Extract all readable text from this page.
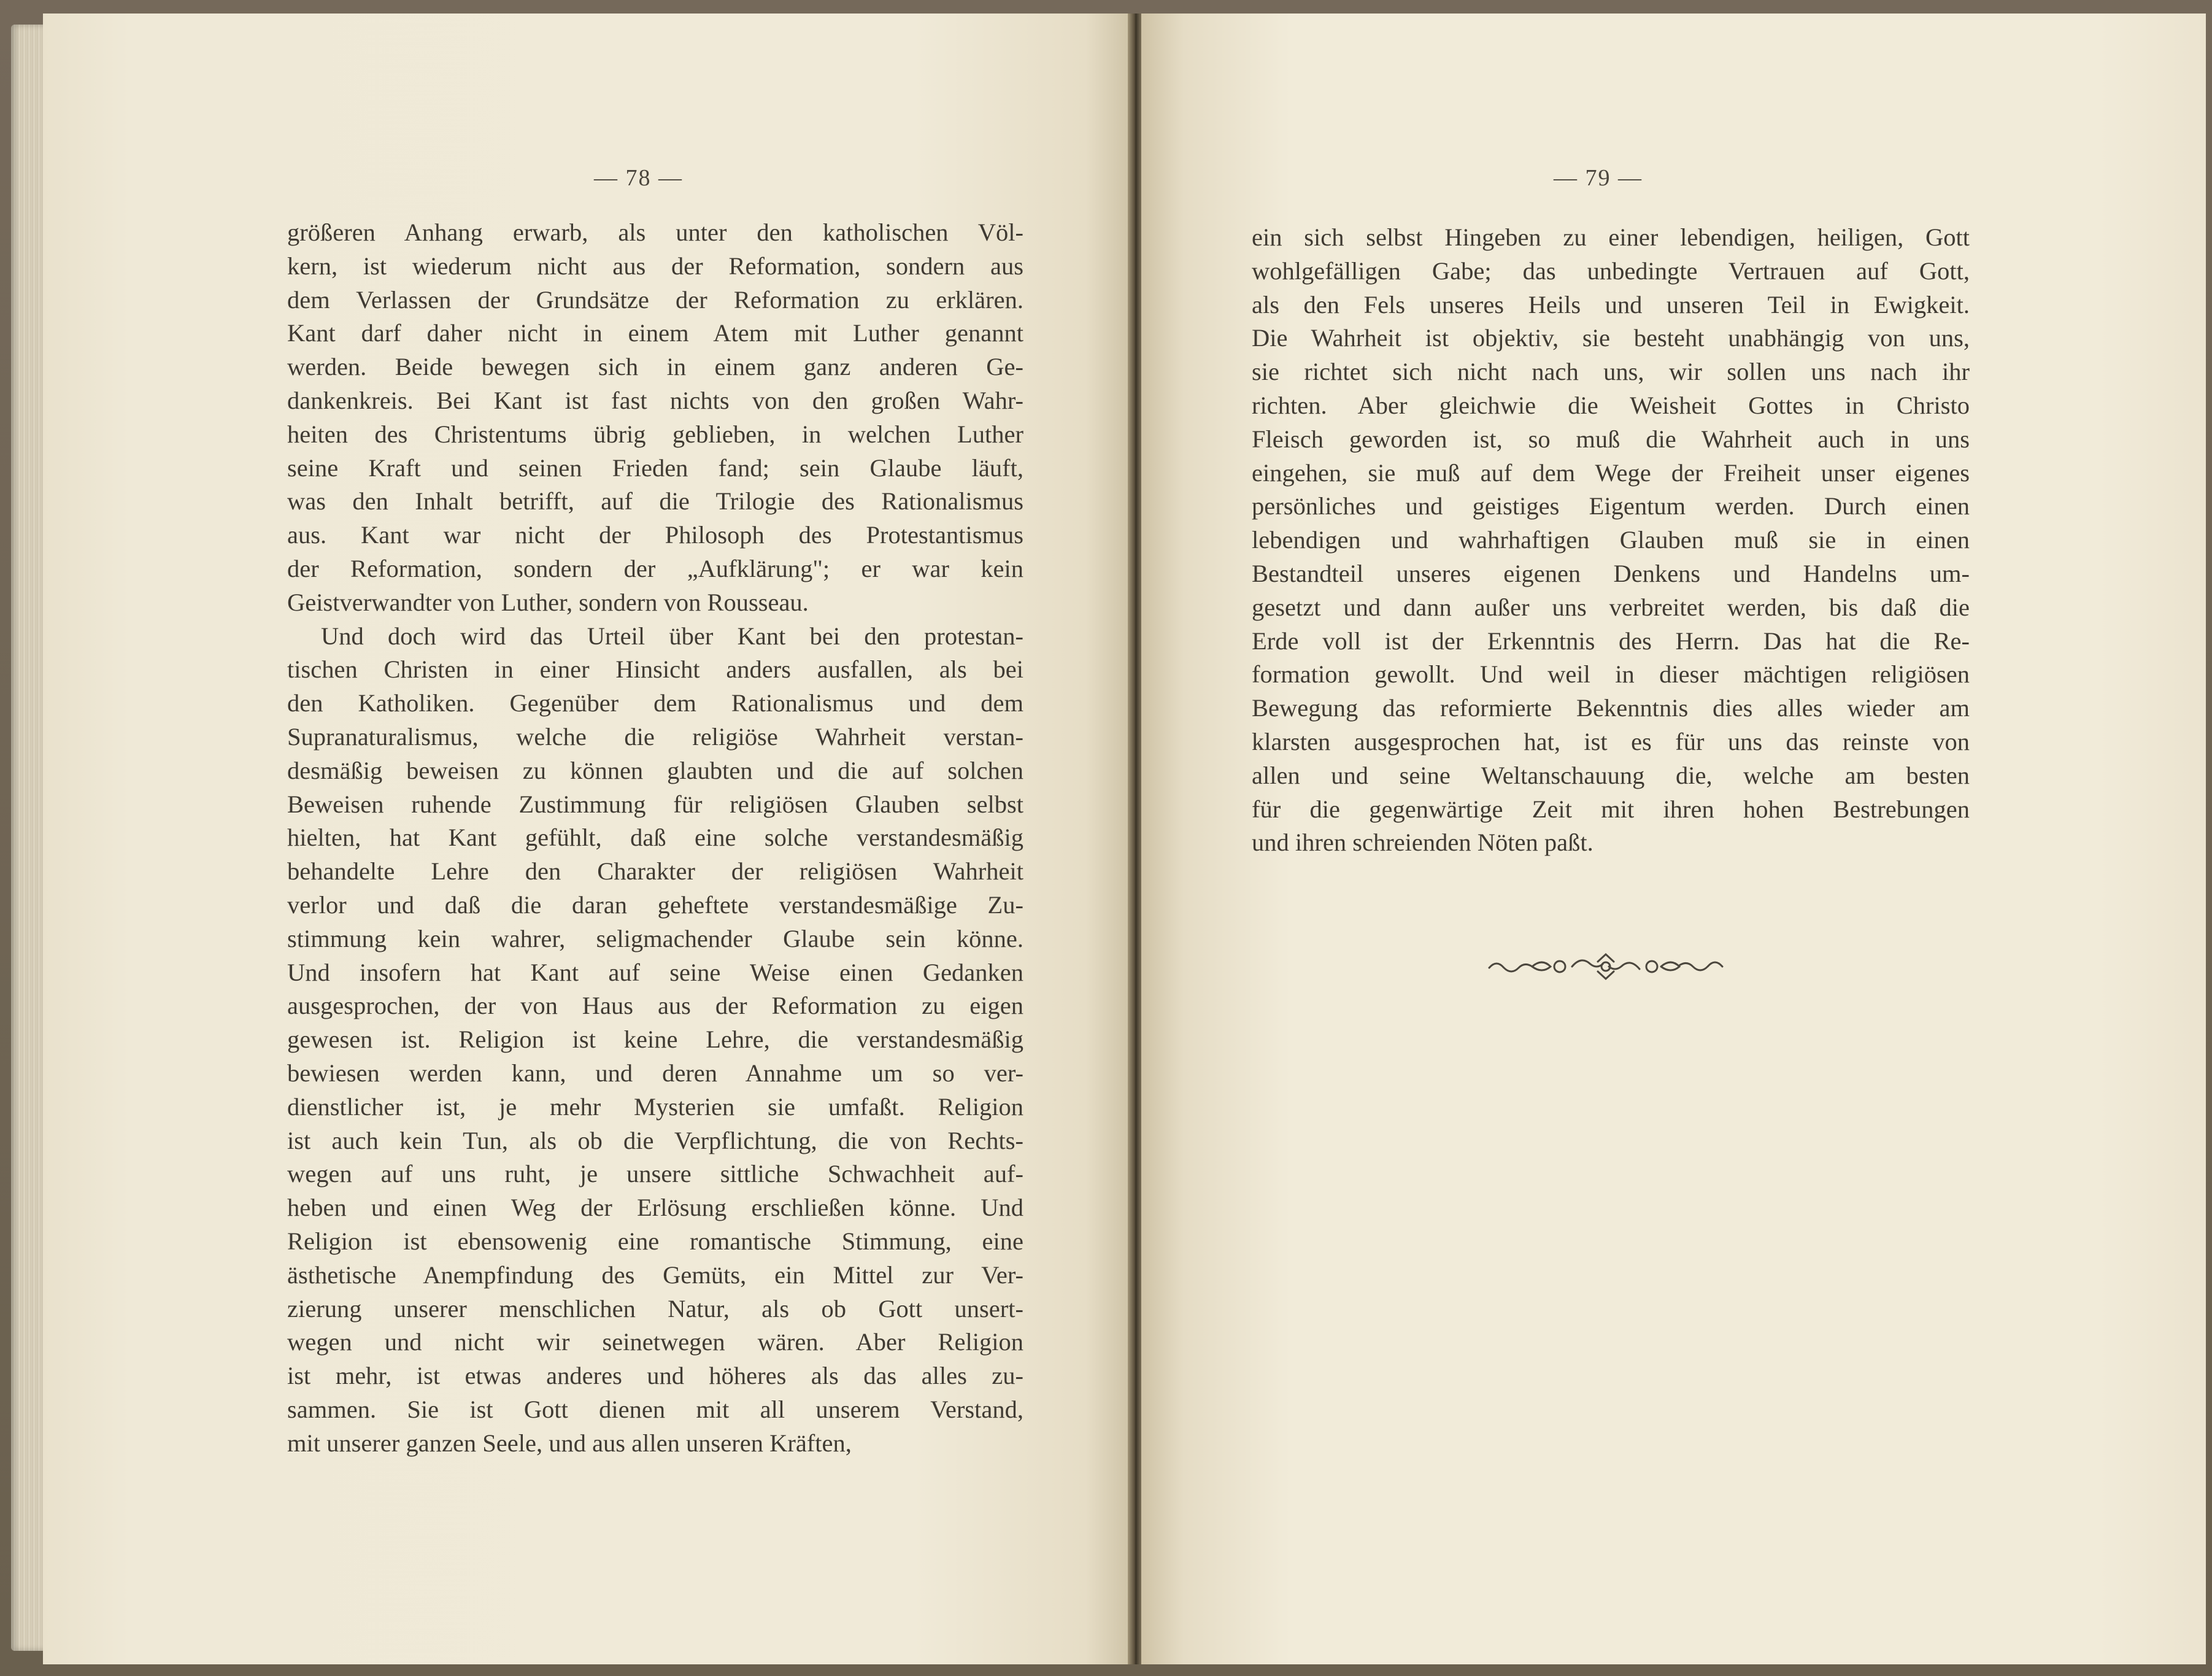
— 78 —	— 79 —
größeren Anhang erwarb, als unter den katholischen Völ-
kern, ist wiederum nicht aus der Reformation, sondern aus
dem Verlassen der Grundsätze der Reformation zu erklären.
Kant darf daher nicht in einem Atem mit Luther genannt
werden. Beide bewegen sich in einem ganz anderen Ge-
dankenkreis. Bei Kant ist fast nichts von den großen Wahr-
heiten des Christentums übrig geblieben, in welchen Luther
seine Kraft und seinen Frieden fand; sein Glaube läuft,
was den Inhalt betrifft, auf die Trilogie des Rationalismus
aus. Kant war nicht der Philosoph des Protestantismus
der Reformation, sondern der „Aufklärung"; er war kein
Geistverwandter von Luther, sondern von Rousseau.
Und doch wird das Urteil über Kant bei den protestan-
tischen Christen in einer Hinsicht anders ausfallen, als bei
den Katholiken. Gegenüber dem Rationalismus und dem
Supranaturalismus, welche die religiöse Wahrheit verstan-
desmäßig beweisen zu können glaubten und die auf solchen
Beweisen ruhende Zustimmung für religiösen Glauben selbst
hielten, hat Kant gefühlt, daß eine solche verstandesmäßig
behandelte Lehre den Charakter der religiösen Wahrheit
verlor und daß die daran geheftete verstandesmäßige Zu-
stimmung kein wahrer, seligmachender Glaube sein könne.
Und insofern hat Kant auf seine Weise einen Gedanken
ausgesprochen, der von Haus aus der Reformation zu eigen
gewesen ist. Religion ist keine Lehre, die verstandesmäßig
bewiesen werden kann, und deren Annahme um so ver-
dienstlicher ist, je mehr Mysterien sie umfaßt. Religion
ist auch kein Tun, als ob die Verpflichtung, die von Rechts-
wegen auf uns ruht, je unsere sittliche Schwachheit auf-
heben und einen Weg der Erlösung erschließen könne. Und
Religion ist ebensowenig eine romantische Stimmung, eine
ästhetische Anempfindung des Gemüts, ein Mittel zur Ver-
zierung unserer menschlichen Natur, als ob Gott unsert-
wegen und nicht wir seinetwegen wären. Aber Religion
ist mehr, ist etwas anderes und höheres als das alles zu-
sammen. Sie ist Gott dienen mit all unserem Verstand,
mit unserer ganzen Seele, und aus allen unseren Kräften,
ein sich selbst Hingeben zu einer lebendigen, heiligen, Gott
wohlgefälligen Gabe; das unbedingte Vertrauen auf Gott,
als den Fels unseres Heils und unseren Teil in Ewigkeit.
Die Wahrheit ist objektiv, sie besteht unabhängig von uns,
sie richtet sich nicht nach uns, wir sollen uns nach ihr
richten. Aber gleichwie die Weisheit Gottes in Christo
Fleisch geworden ist, so muß die Wahrheit auch in uns
eingehen, sie muß auf dem Wege der Freiheit unser eigenes
persönliches und geistiges Eigentum werden. Durch einen
lebendigen und wahrhaftigen Glauben muß sie in einen
Bestandteil unseres eigenen Denkens und Handelns um-
gesetzt und dann außer uns verbreitet werden, bis daß die
Erde voll ist der Erkenntnis des Herrn. Das hat die Re-
formation gewollt. Und weil in dieser mächtigen religiösen
Bewegung das reformierte Bekenntnis dies alles wieder am
klarsten ausgesprochen hat, ist es für uns das reinste von
allen und seine Weltanschauung die, welche am besten
für die gegenwärtige Zeit mit ihren hohen Bestrebungen
und ihren schreienden Nöten paßt.
